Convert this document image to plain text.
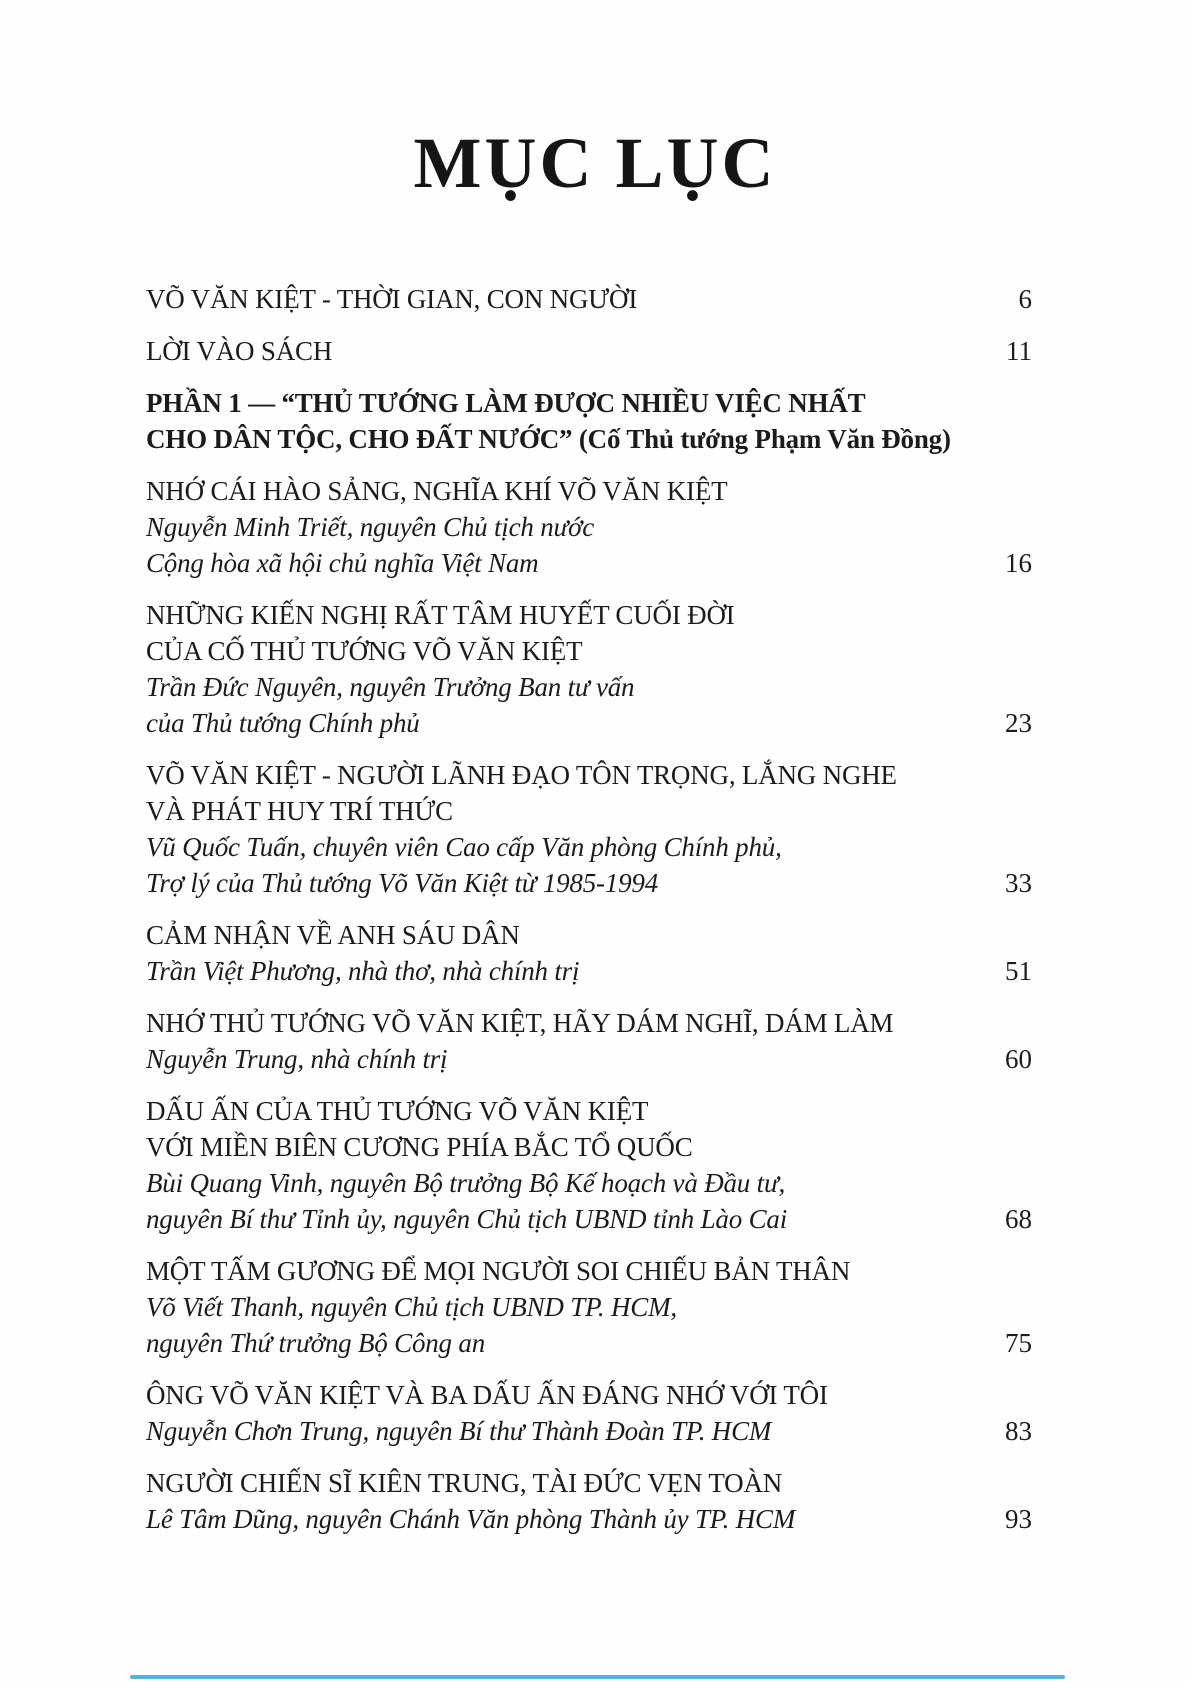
MỤC LỤC
VÕ VĂN KIỆT - THỜI GIAN, CON NGƯỜI	6
LỜI VÀO SÁCH	11
PHẦN 1 — “THỦ TƯỚNG LÀM ĐƯỢC NHIỀU VIỆC NHẤT
CHO DÂN TỘC, CHO ĐẤT NƯỚC” (Cố Thủ tướng Phạm Văn Đồng)
NHỚ CÁI HÀO SẢNG, NGHĨA KHÍ VÕ VĂN KIỆT
Nguyễn Minh Triết, nguyên Chủ tịch nước
Cộng hòa xã hội chủ nghĩa Việt Nam	16
NHỮNG KIẾN NGHỊ RẤT TÂM HUYẾT CUỐI ĐỜI
CỦA CỐ THỦ TƯỚNG VÕ VĂN KIỆT
Trần Đức Nguyên, nguyên Trưởng Ban tư vấn
của Thủ tướng Chính phủ	23
VÕ VĂN KIỆT - NGƯỜI LÃNH ĐẠO TÔN TRỌNG, LẮNG NGHE
VÀ PHÁT HUY TRÍ THỨC
Vũ Quốc Tuấn, chuyên viên Cao cấp Văn phòng Chính phủ,
Trợ lý của Thủ tướng Võ Văn Kiệt từ 1985-1994	33
CẢM NHẬN VỀ ANH SÁU DÂN
Trần Việt Phương, nhà thơ, nhà chính trị	51
NHỚ THỦ TƯỚNG VÕ VĂN KIỆT, HÃY DÁM NGHĨ, DÁM LÀM
Nguyễn Trung, nhà chính trị	60
DẤU ẤN CỦA THỦ TƯỚNG VÕ VĂN KIỆT
VỚI MIỀN BIÊN CƯƠNG PHÍA BẮC TỔ QUỐC
Bùi Quang Vinh, nguyên Bộ trưởng Bộ Kế hoạch và Đầu tư,
nguyên Bí thư Tỉnh ủy, nguyên Chủ tịch UBND tỉnh Lào Cai	68
MỘT TẤM GƯƠNG ĐỂ MỌI NGƯỜI SOI CHIẾU BẢN THÂN
Võ Viết Thanh, nguyên Chủ tịch UBND TP. HCM,
nguyên Thứ trưởng Bộ Công an	75
ÔNG VÕ VĂN KIỆT VÀ BA DẤU ẤN ĐÁNG NHỚ VỚI TÔI
Nguyễn Chơn Trung, nguyên Bí thư Thành Đoàn TP. HCM	83
NGƯỜI CHIẾN SĨ KIÊN TRUNG, TÀI ĐỨC VẸN TOÀN
Lê Tâm Dũng, nguyên Chánh Văn phòng Thành ủy TP. HCM	93
